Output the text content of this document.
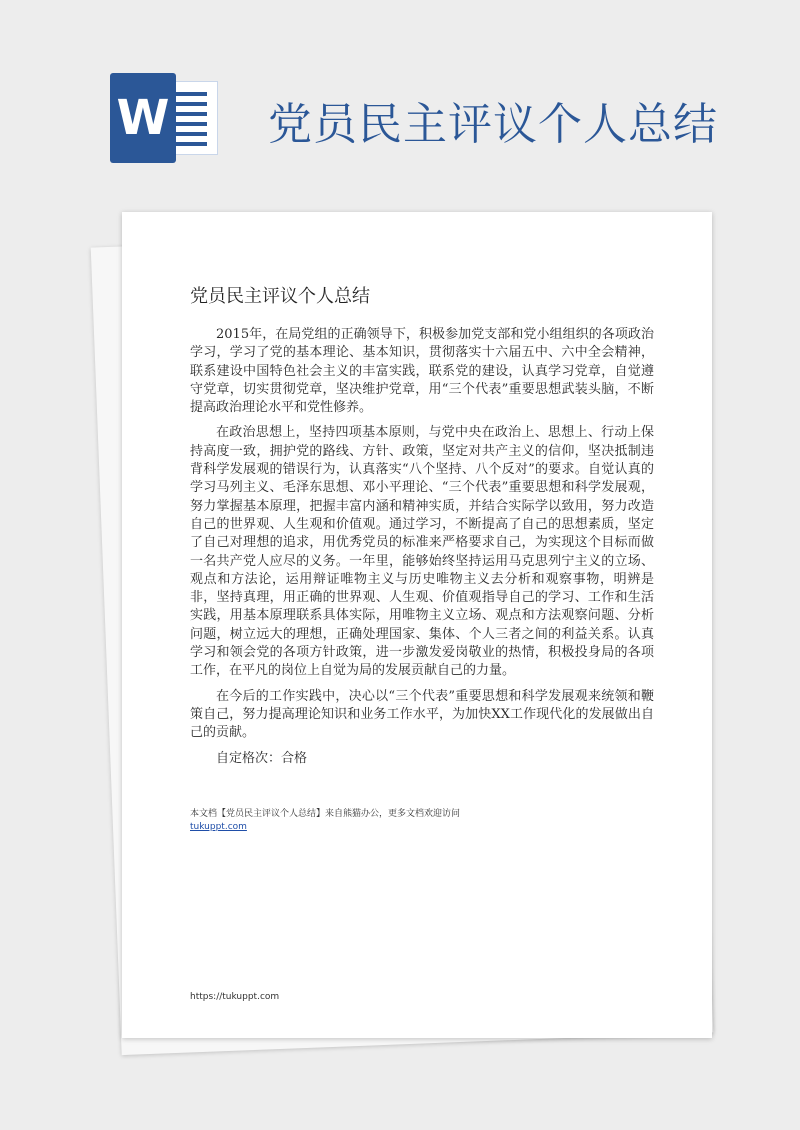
W 党员民主评议个人总结
党员民主评议个人总结

2015年，在局党组的正确领导下，积极参加党支部和党小组组织的各项政治学习，学习了党的基本理论、基本知识，贯彻落实十六届五中、六中全会精神，联系建设中国特色社会主义的丰富实践，联系党的建设，认真学习党章，自觉遵守党章，切实贯彻党章，坚决维护党章，用“三个代表”重要思想武装头脑，不断提高政治理论水平和党性修养。

在政治思想上，坚持四项基本原则，与党中央在政治上、思想上、行动上保持高度一致，拥护党的路线、方针、政策，坚定对共产主义的信仰，坚决抵制违背科学发展观的错误行为，认真落实“八个坚持、八个反对”的要求。自觉认真的学习马列主义、毛泽东思想、邓小平理论、“三个代表”重要思想和科学发展观，努力掌握基本原理，把握丰富内涵和精神实质，并结合实际学以致用，努力改造自己的世界观、人生观和价值观。通过学习，不断提高了自己的思想素质，坚定了自己对理想的追求，用优秀党员的标准来严格要求自己，为实现这个目标而做一名共产党人应尽的义务。一年里，能够始终坚持运用马克思列宁主义的立场、观点和方法论，运用辩证唯物主义与历史唯物主义去分析和观察事物，明辨是非，坚持真理，用正确的世界观、人生观、价值观指导自己的学习、工作和生活实践，用基本原理联系具体实际，用唯物主义立场、观点和方法观察问题、分析问题，树立远大的理想，正确处理国家、集体、个人三者之间的利益关系。认真学习和领会党的各项方针政策，进一步激发爱岗敬业的热情，积极投身局的各项工作，在平凡的岗位上自觉为局的发展贡献自己的力量。

在今后的工作实践中，决心以“三个代表”重要思想和科学发展观来统领和鞭策自己，努力提高理论知识和业务工作水平，为加快XX工作现代化的发展做出自己的贡献。

自定格次：合格

本文档【党员民主评议个人总结】来自熊猫办公，更多文档欢迎访问
tukuppt.com
https://tukuppt.com
